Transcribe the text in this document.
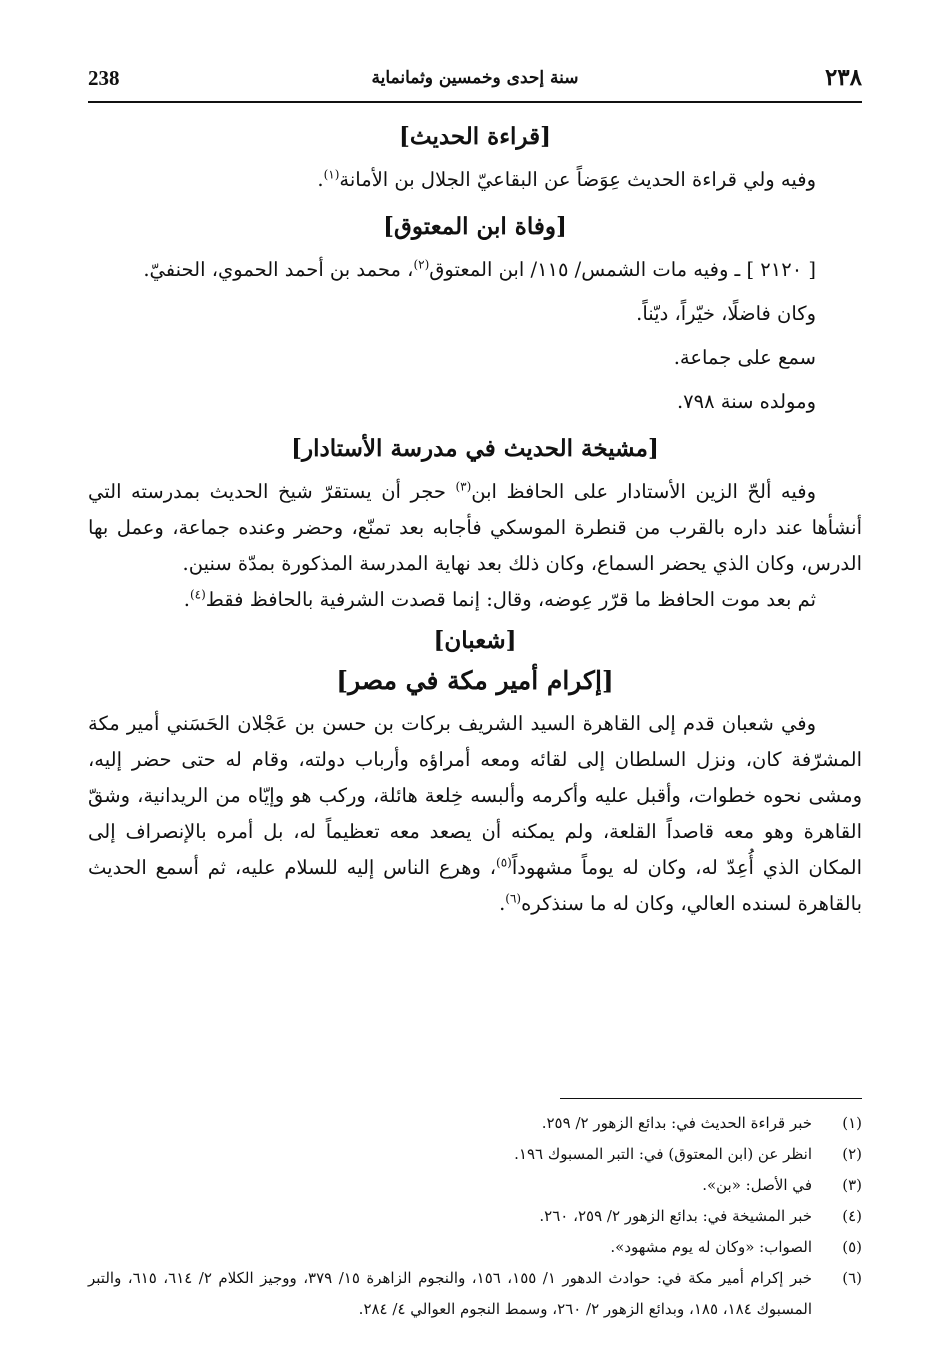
238	سنة إحدى وخمسين وثمانماية	٢٣٨
[قراءة الحديث]

وفيه ولي قراءة الحديث عِوَضاً عن البقاعيّ الجلال بن الأمانة$^{(١)}$.

[وفاة ابن المعتوق]

[ ٢١٢٠ ] ـ وفيه مات الشمس/ ١١٥/ ابن المعتوق$^{(٢)}$، محمد بن أحمد الحموي، الحنفيّ.

وكان فاضلًا، خيّراً، ديّناً.

سمع على جماعة.

ومولده سنة ٧٩٨.

[مشيخة الحديث في مدرسة الأستادار]

وفيه ألحّ الزين الأستادار على الحافظ ابن$^{(٣)}$ حجر أن يستقرّ شيخ الحديث بمدرسته التي أنشأها عند داره بالقرب من قنطرة الموسكي فأجابه بعد تمنّع، وحضر وعنده جماعة، وعمل بها الدرس، وكان الذي يحضر السماع، وكان ذلك بعد نهاية المدرسة المذكورة بمدّة سنين.

ثم بعد موت الحافظ ما قرّر عِوضه، وقال: إنما قصدت الشرفية بالحافظ فقط$^{(٤)}$.

[شعبان]
[إكرام أمير مكة في مصر]

وفي شعبان قدم إلى القاهرة السيد الشريف بركات بن حسن بن عَجْلان الحَسَني أمير مكة المشرّفة كان، ونزل السلطان إلى لقائه ومعه أمراؤه وأرباب دولته، وقام له حتى حضر إليه، ومشى نحوه خطوات، وأقبل عليه وأكرمه وألبسه خِلعة هائلة، وركب هو وإيّاه من الريدانية، وشقّ القاهرة وهو معه قاصداً القلعة، ولم يمكنه أن يصعد معه تعظيماً له، بل أمره بالإنصراف إلى المكان الذي أُعِدّ له، وكان له يوماً مشهوداً$^{(٥)}$، وهرع الناس إليه للسلام عليه، ثم أسمع الحديث بالقاهرة لسنده العالي، وكان له ما سنذكره$^{(٦)}$.

(١)
خبر قراءة الحديث في: بدائع الزهور ٢/ ٢٥٩.
(٢)
انظر عن (ابن المعتوق) في: التبر المسبوك ١٩٦.
(٣)
في الأصل: «بن».
(٤)
خبر المشيخة في: بدائع الزهور ٢/ ٢٥٩، ٢٦٠.
(٥)
الصواب: «وكان له يوم مشهود».
(٦)
خبر إكرام أمير مكة في: حوادث الدهور ١/ ١٥٥، ١٥٦، والنجوم الزاهرة ١٥/ ٣٧٩، ووجيز الكلام ٢/ ٦١٤، ٦١٥، والتبر المسبوك ١٨٤، ١٨٥، وبدائع الزهور ٢/ ٢٦٠، وسمط النجوم العوالي ٤/ ٢٨٤.
